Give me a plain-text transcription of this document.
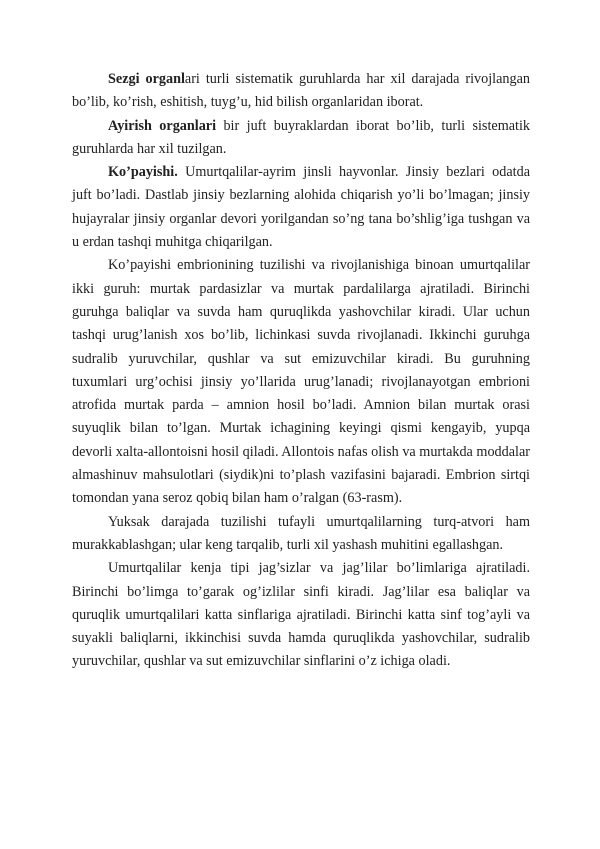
Sezgi organlari turli sistematik guruhlarda har xil darajada rivojlangan bo’lib, ko’rish, eshitish, tuyg’u, hid bilish organlaridan iborat.

Ayirish organlari bir juft buyraklardan iborat bo’lib, turli sistematik guruhlarda har xil tuzilgan.

Ko’payishi. Umurtqalilar-ayrim jinsli hayvonlar. Jinsiy bezlari odatda juft bo’ladi. Dastlab jinsiy bezlarning alohida chiqarish yo’li bo’lmagan; jinsiy hujayralar jinsiy organlar devori yorilgandan so’ng tana bo’shlig’iga tushgan va u erdan tashqi muhitga chiqarilgan.

Ko’payishi embrionining tuzilishi va rivojlanishiga binoan umurtqalilar ikki guruh: murtak pardasizlar va murtak pardalilarga ajratiladi. Birinchi guruhga baliqlar va suvda ham quruqlikda yashovchilar kiradi. Ular uchun tashqi urug’lanish xos bo’lib, lichinkasi suvda rivojlanadi. Ikkinchi guruhga sudralib yuruvchilar, qushlar va sut emizuvchilar kiradi. Bu guruhning tuxumlari urg’ochisi jinsiy yo’llarida urug’lanadi; rivojlanayotgan embrioni atrofida murtak parda – amnion hosil bo’ladi. Amnion bilan murtak orasi suyuqlik bilan to’lgan. Murtak ichagining keyingi qismi kengayib, yupqa devorli xalta-allontoisni hosil qiladi. Allontois nafas olish va murtakda moddalar almashinuv mahsulotlari (siydik)ni to’plash vazifasini bajaradi. Embrion sirtqi tomondan yana seroz qobiq bilan ham o’ralgan (63-rasm).

Yuksak darajada tuzilishi tufayli umurtqalilarning turq-atvori ham murakkablashgan; ular keng tarqalib, turli xil yashash muhitini egallashgan.

Umurtqalilar kenja tipi jag’sizlar va jag’lilar bo’limlariga ajratiladi. Birinchi bo’limga to’garak og’izlilar sinfi kiradi. Jag’lilar esa baliqlar va quruqlik umurtqalilari katta sinflariga ajratiladi. Birinchi katta sinf tog’ayli va suyakli baliqlarni, ikkinchisi suvda hamda quruqlikda yashovchilar, sudralib yuruvchilar, qushlar va sut emizuvchilar sinflarini o’z ichiga oladi.
